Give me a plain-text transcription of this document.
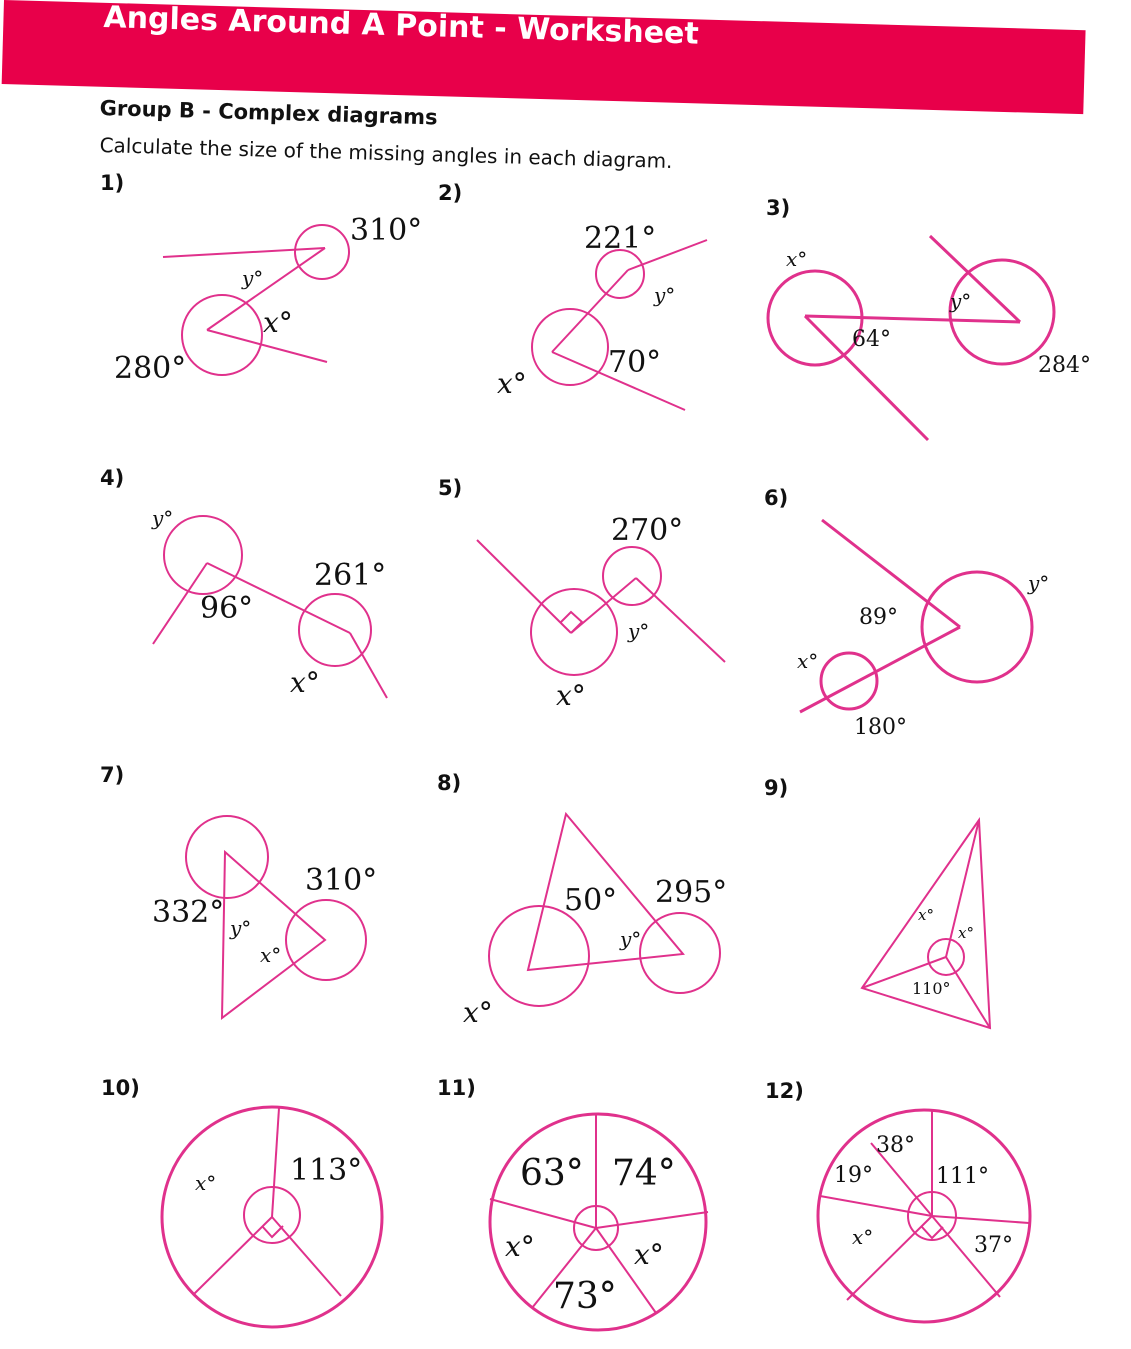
Angles Around A Point - Worksheet
Group B - Complex diagrams
Calculate the size of the missing angles in each diagram.
1)
310°
280°
y°
x°
2)
221°
70°
y°
x°
3)
64°
284°
x°
y°
4)
261°
96°
y°
x°
5)
270°
y°
x°
6)
89°
180°
y°
x°
7)
332°
310°
y°
x°
8)
50° 295°
y°
x°
9)
110°
x°
x°
10)
113°
x°
11)
63° 74°
73°
x°	x°
12)
38°
19°	111°
37°
x°
